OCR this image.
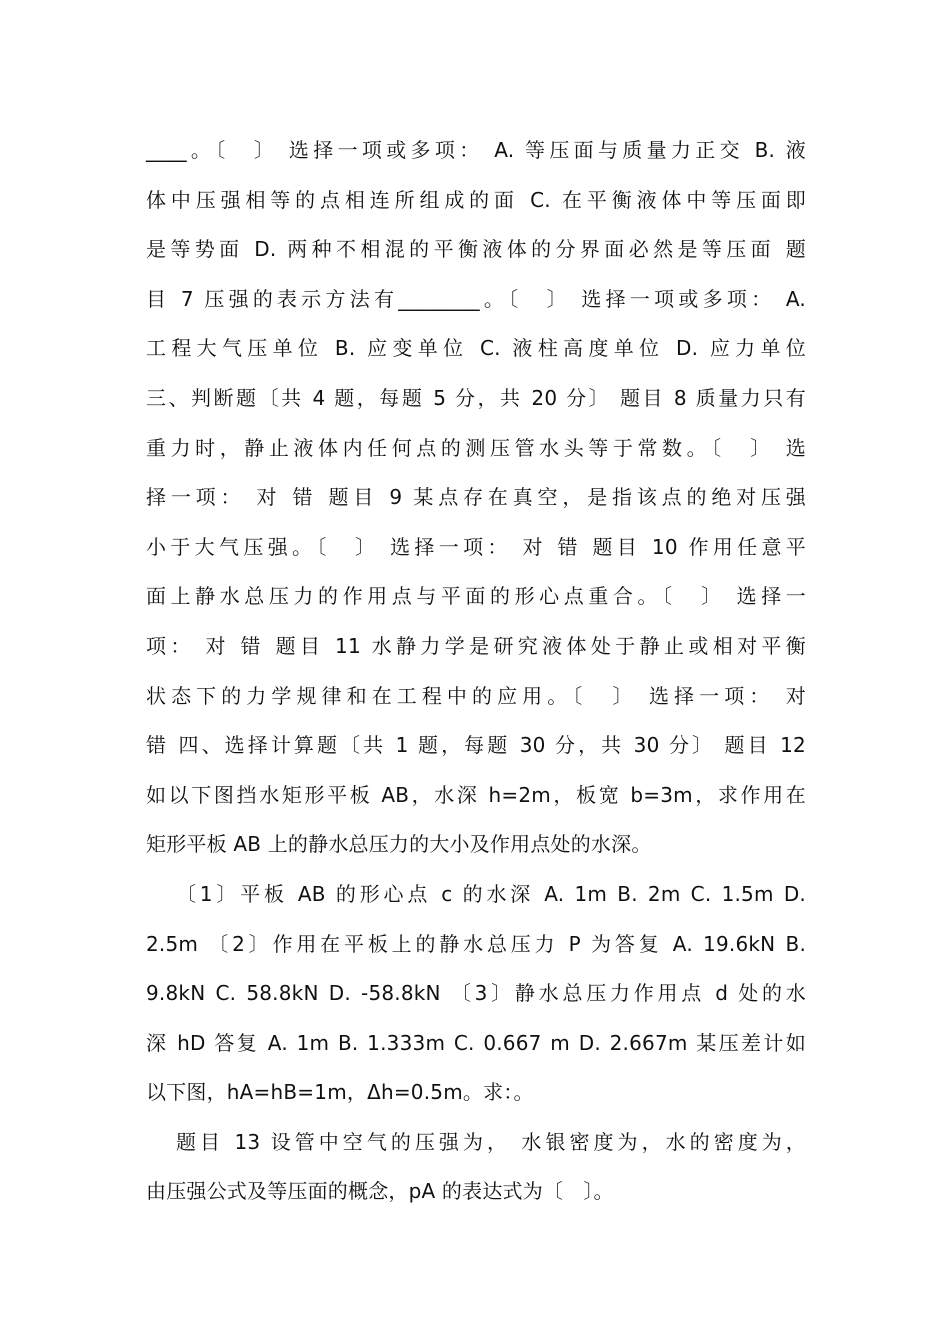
____。〔　〕 选择一项或多项： A. 等压面与质量力正交 B. 液
体中压强相等的点相连所组成的面 C. 在平衡液体中等压面即
是等势面 D. 两种不相混的平衡液体的分界面必然是等压面 题
目 7 压强的表示方法有________。〔　〕 选择一项或多项： A.
工程大气压单位 B. 应变单位 C. 液柱高度单位 D. 应力单位
三、判断题〔共 4 题，每题 5 分，共 20 分〕 题目 8 质量力只有
重力时，静止液体内任何点的测压管水头等于常数。〔　〕 选
择一项： 对 错 题目 9 某点存在真空，是指该点的绝对压强
小于大气压强。〔　〕 选择一项： 对 错 题目 10 作用任意平
面上静水总压力的作用点与平面的形心点重合。〔　〕 选择一
项： 对 错 题目 11 水静力学是研究液体处于静止或相对平衡
状态下的力学规律和在工程中的应用。〔　〕 选择一项： 对
错 四、选择计算题〔共 1 题，每题 30 分，共 30 分〕 题目 12
如以下图挡水矩形平板 AB，水深 h=2m，板宽 b=3m，求作用在
矩形平板 AB 上的静水总压力的大小及作用点处的水深。
〔1〕平板 AB 的形心点 c 的水深 A. 1m B. 2m C. 1.5m D.
2.5m 〔2〕作用在平板上的静水总压力 P 为答复 A. 19.6kN B.
9.8kN C. 58.8kN D. -58.8kN 〔3〕静水总压力作用点 d 处的水
深 hD 答复 A. 1m B. 1.333m C. 0.667 m D. 2.667m 某压差计如
以下图，hA=hB=1m，Δh=0.5m。求：。
题目 13 设管中空气的压强为， 水银密度为，水的密度为，
由压强公式及等压面的概念，pA 的表达式为〔　〕。
